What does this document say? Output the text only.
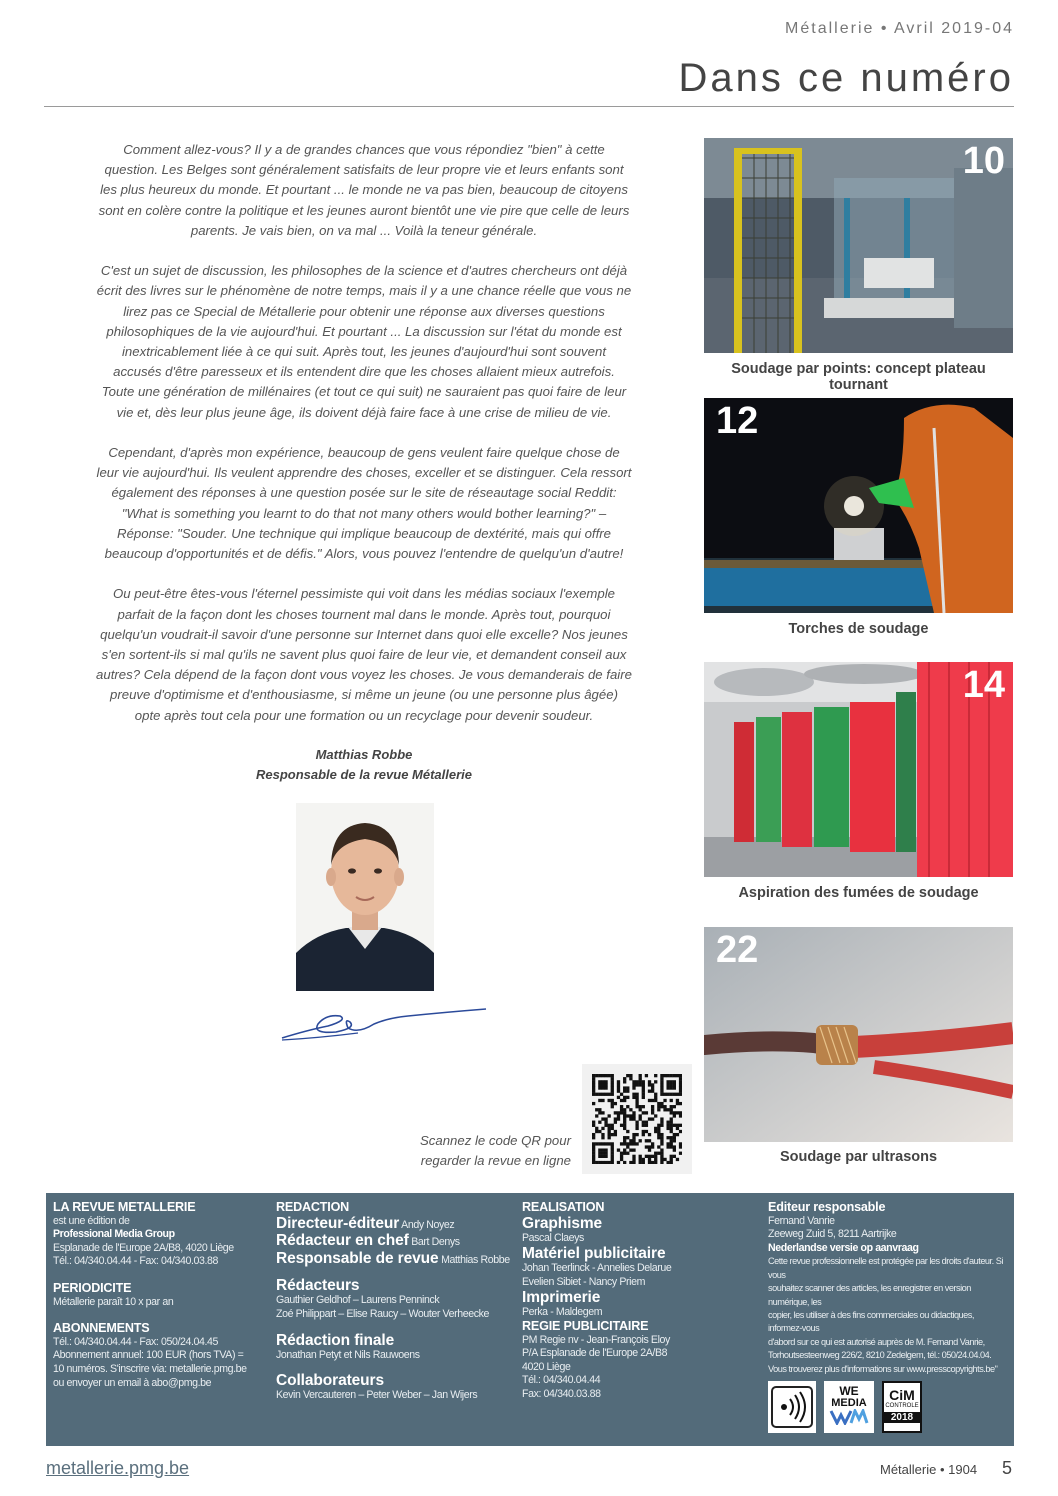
Métallerie • Avril 2019-04
Dans ce numéro

Comment allez-vous? Il y a de grandes chances que vous répondiez "bien" à cette question. Les Belges sont généralement satisfaits de leur propre vie et leurs enfants sont les plus heureux du monde. Et pourtant ... le monde ne va pas bien, beaucoup de citoyens sont en colère contre la politique et les jeunes auront bientôt une vie pire que celle de leurs parents. Je vais bien, on va mal ... Voilà la teneur générale.

C'est un sujet de discussion, les philosophes de la science et d'autres chercheurs ont déjà écrit des livres sur le phénomène de notre temps, mais il y a une chance réelle que vous ne lirez pas ce Special de Métallerie pour obtenir une réponse aux diverses questions philosophiques de la vie aujourd'hui. Et pourtant ... La discussion sur l'état du monde est inextricablement liée à ce qui suit. Après tout, les jeunes d'aujourd'hui sont souvent accusés d'être paresseux et ils entendent dire que les choses allaient mieux autrefois. Toute une génération de millénaires (et tout ce qui suit) ne sauraient pas quoi faire de leur vie et, dès leur plus jeune âge, ils doivent déjà faire face à une crise de milieu de vie.

Cependant, d'après mon expérience, beaucoup de gens veulent faire quelque chose de leur vie aujourd'hui. Ils veulent apprendre des choses, exceller et se distinguer. Cela ressort également des réponses à une question posée sur le site de réseautage social Reddit: "What is something you learnt to do that not many others would bother learning?" – Réponse: "Souder. Une technique qui implique beaucoup de dextérité, mais qui offre beaucoup d'opportunités et de défis." Alors, vous pouvez l'entendre de quelqu'un d'autre!

Ou peut-être êtes-vous l'éternel pessimiste qui voit dans les médias sociaux l'exemple parfait de la façon dont les choses tournent mal dans le monde. Après tout, pourquoi quelqu'un voudrait-il savoir d'une personne sur Internet dans quoi elle excelle? Nos jeunes s'en sortent-ils si mal qu'ils ne savent plus quoi faire de leur vie, et demandent conseil aux autres? Cela dépend de la façon dont vous voyez les choses. Je vous demanderais de faire preuve d'optimisme et d'enthousiasme, si même un jeune (ou une personne plus âgée) opte après tout cela pour une formation ou un recyclage pour devenir soudeur.

Matthias Robbe
Responsable de la revue Métallerie
Scannez le code QR pour
regarder la revue en ligne
10
Soudage par points: concept plateau tournant
12
Torches de soudage
14
Aspiration des fumées de soudage
22
Soudage par ultrasons
LA REVUE METALLERIE
est une édition de
Professional Media Group
Esplanade de l'Europe 2A/B8, 4020 Liège
Tél.: 04/340.04.44 - Fax: 04/340.03.88
PERIODICITE
Métallerie paraît 10 x par an
ABONNEMENTS
Tél.: 04/340.04.44 - Fax: 050/24.04.45
Abonnement annuel: 100 EUR (hors TVA) =
10 numéros. S'inscrire via: metallerie.pmg.be
ou envoyer un email à abo@pmg.be
REDACTION
Directeur-éditeur Andy Noyez
Rédacteur en chef Bart Denys
Responsable de revue Matthias Robbe
Rédacteurs
Gauthier Geldhof – Laurens Penninck
Zoé Philippart – Elise Raucy – Wouter Verheecke
Rédaction finale
Jonathan Petyt et Nils Rauwoens
Collaborateurs
Kevin Vercauteren – Peter Weber – Jan Wijers
REALISATION
Graphisme
Pascal Claeys
Matériel publicitaire
Johan Teerlinck - Annelies Delarue
Evelien Sibiet - Nancy Priem
Imprimerie
Perka - Maldegem
REGIE PUBLICITAIRE
PM Regie nv - Jean-François Eloy
P/A Esplanade de l'Europe 2A/B8
4020 Liège
Tél.: 04/340.04.44
Fax: 04/340.03.88
Editeur responsable
Fernand Vanrie
Zeeweg Zuid 5, 8211 Aartrijke
Nederlandse versie op aanvraag
Cette revue professionnelle est protégée par les droits d'auteur. Si vous
souhaitez scanner des articles, les enregistrer en version numérique, les
copier, les utiliser à des fins commerciales ou didactiques, informez-vous
d'abord sur ce qui est autorisé auprès de M. Fernand Vanrie,
Torhoutsesteenweg 226/2, 8210 Zedelgem, tél.: 050/24.04.04.
Vous trouverez plus d'informations sur www.presscopyrights.be"
WE
MEDIA	CiM
CONTROLE
2018
metallerie.pmg.be	Métallerie • 1904 5
